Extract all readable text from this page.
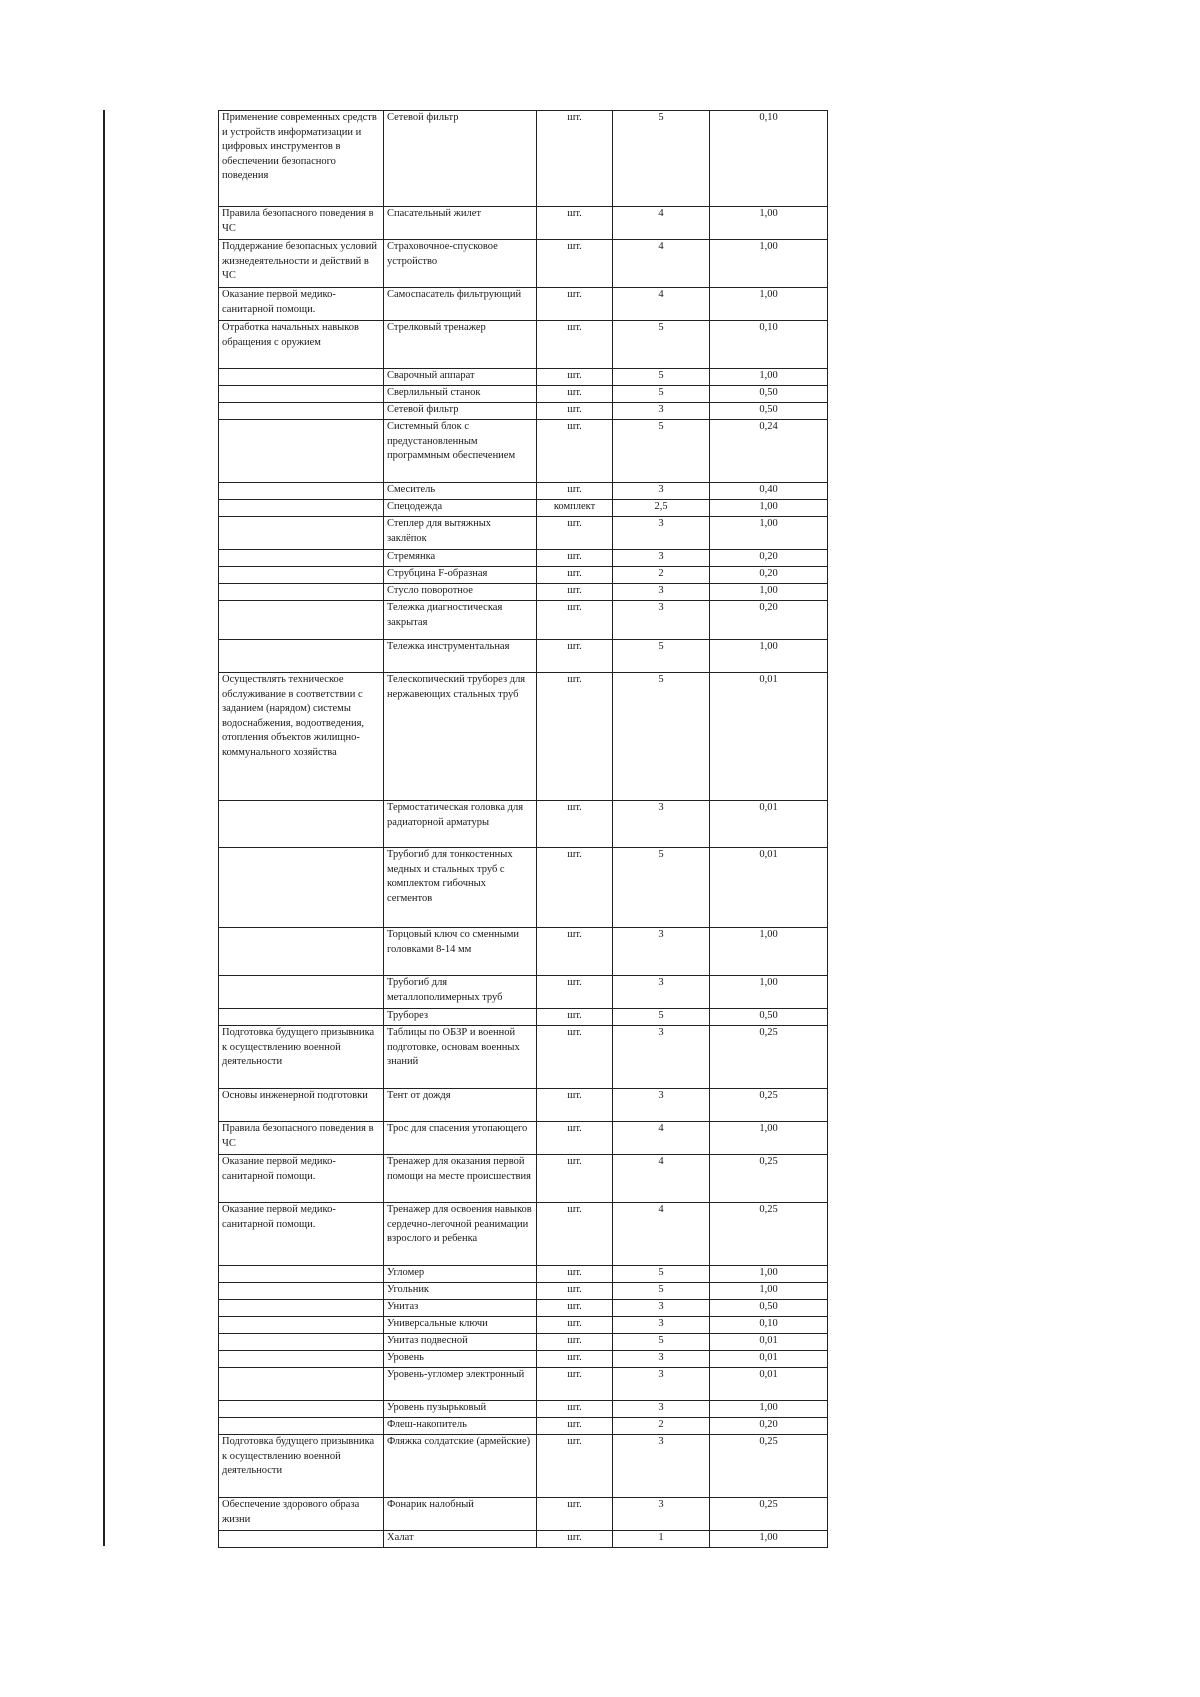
Применение современных средств и устройств информатизации и цифровых инструментов в обеспечении безопасного поведения	Сетевой фильтр	шт.	5	0,10
Правила безопасного поведения в ЧС	Спасательный жилет	шт.	4	1,00
Поддержание безопасных условий жизнедеятельности и действий в ЧС	Страховочное-спусковое устройство	шт.	4	1,00
Оказание первой медико-санитарной помощи.	Самоспасатель фильтрующий	шт.	4	1,00
Отработка начальных навыков обращения с оружием	Стрелковый тренажер	шт.	5	0,10
	Сварочный аппарат	шт.	5	1,00
	Сверлильный станок	шт.	5	0,50
	Сетевой фильтр	шт.	3	0,50
	Системный блок с предустановленным программным обеспечением	шт.	5	0,24
	Смеситель	шт.	3	0,40
	Спецодежда	комплект	2,5	1,00
	Степлер для вытяжных заклёпок	шт.	3	1,00
	Стремянка	шт.	3	0,20
	Струбцина F-образная	шт.	2	0,20
	Стусло поворотное	шт.	3	1,00
	Тележка диагностическая закрытая	шт.	3	0,20
	Тележка инструментальная	шт.	5	1,00
Осуществлять техническое обслуживание в соответствии с заданием (нарядом) системы водоснабжения, водоотведения, отопления объектов жилищно-коммунального хозяйства	Телескопический труборез для нержавеющих стальных труб	шт.	5	0,01
	Термостатическая головка для радиаторной арматуры	шт.	3	0,01
	Трубогиб для тонкостенных медных и стальных труб с комплектом гибочных сегментов	шт.	5	0,01
	Торцовый ключ со сменными головками 8-14 мм	шт.	3	1,00
	Трубогиб для металлополимерных труб	шт.	3	1,00
	Труборез	шт.	5	0,50
Подготовка будущего призывника к осуществлению военной деятельности	Таблицы по ОБЗР и военной подготовке, основам военных знаний	шт.	3	0,25
Основы инженерной подготовки	Тент от дождя	шт.	3	0,25
Правила безопасного поведения в ЧС	Трос для спасения утопающего	шт.	4	1,00
Оказание первой медико-санитарной помощи.	Тренажер для оказания первой помощи на месте происшествия	шт.	4	0,25
Оказание первой медико-санитарной помощи.	Тренажер для освоения навыков сердечно-легочной реанимации взрослого и ребенка	шт.	4	0,25
	Угломер	шт.	5	1,00
	Угольник	шт.	5	1,00
	Унитаз	шт.	3	0,50
	Универсальные ключи	шт.	3	0,10
	Унитаз подвесной	шт.	5	0,01
	Уровень	шт.	3	0,01
	Уровень-угломер электронный	шт.	3	0,01
	Уровень пузырьковый	шт.	3	1,00
	Флеш-накопитель	шт.	2	0,20
Подготовка будущего призывника к осуществлению военной деятельности	Фляжка солдатские (армейские)	шт.	3	0,25
Обеспечение здорового образа жизни	Фонарик налобный	шт.	3	0,25
	Халат	шт.	1	1,00
